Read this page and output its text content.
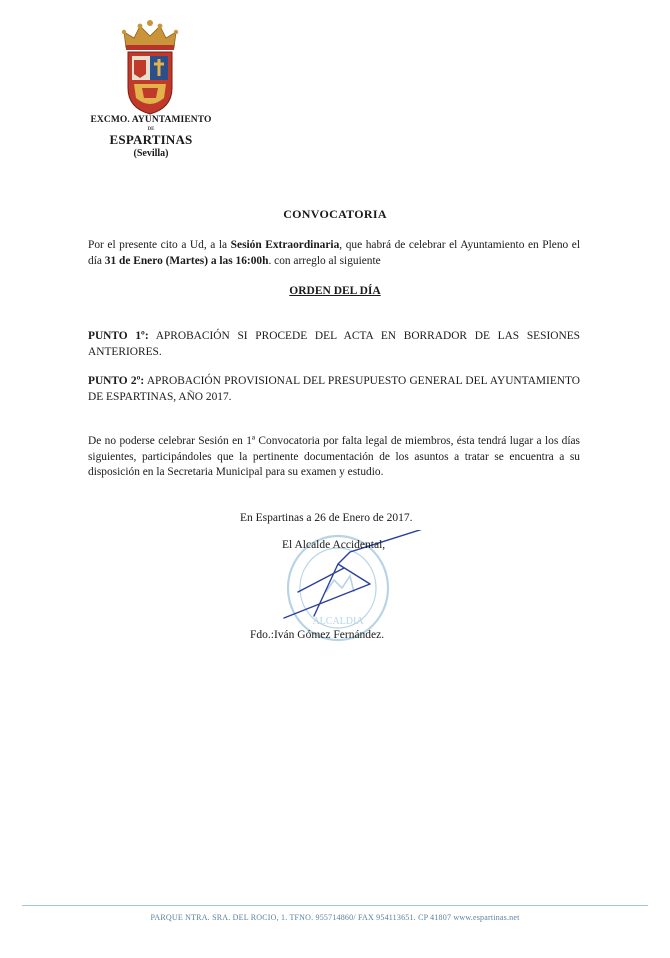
EXCMO. AYUNTAMIENTO
DE
ESPARTINAS
(Sevilla)
CONVOCATORIA
Por el presente cito a Ud, a la Sesión Extraordinaria, que habrá de celebrar el Ayuntamiento en Pleno el día 31 de Enero (Martes) a las 16:00h. con arreglo al siguiente
ORDEN DEL DÍA
PUNTO 1º: APROBACIÓN SI PROCEDE DEL ACTA EN BORRADOR DE LAS SESIONES ANTERIORES.
PUNTO 2º: APROBACIÓN PROVISIONAL DEL PRESUPUESTO GENERAL DEL AYUNTAMIENTO DE ESPARTINAS, AÑO 2017.
De no poderse celebrar Sesión en 1ª Convocatoria por falta legal de miembros, ésta tendrá lugar a los días siguientes, participándoles que la pertinente documentación de los asuntos a tratar se encuentra a su disposición en la Secretaria Municipal para su examen y estudio.
ALCALDIA
En Espartinas a 26 de Enero de 2017.
El Alcalde Accidental,
Fdo.:Iván Gómez Fernández.
PARQUE NTRA. SRA. DEL ROCIO, 1. TFNO. 955714860/ FAX 954113651. CP 41807 www.espartinas.net
